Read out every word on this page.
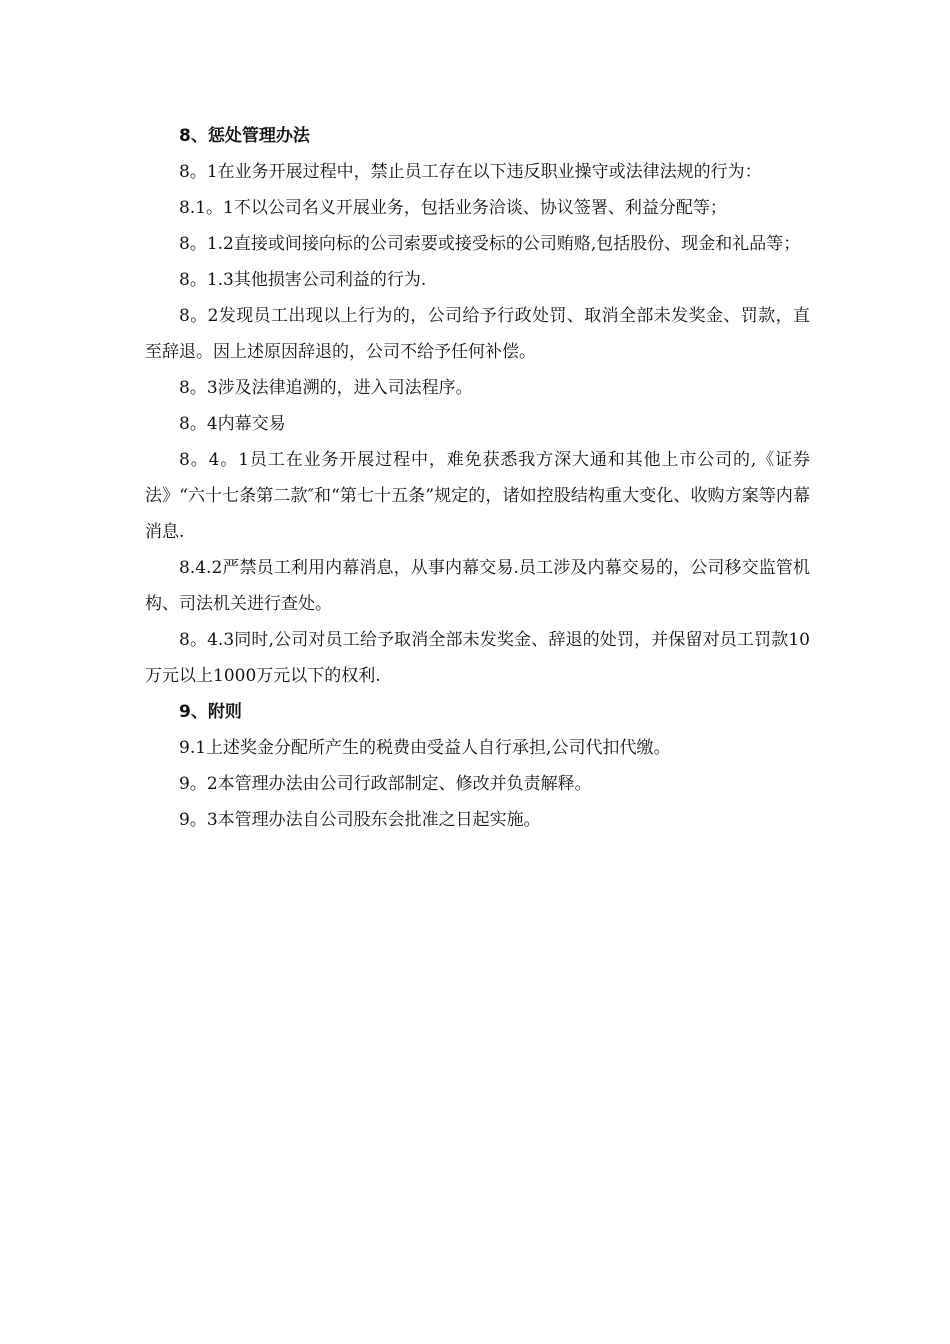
8、惩处管理办法

8。1在业务开展过程中，禁止员工存在以下违反职业操守或法律法规的行为：

8.1。1不以公司名义开展业务，包括业务洽谈、协议签署、利益分配等；

8。1.2直接或间接向标的公司索要或接受标的公司贿赂,包括股份、现金和礼品等；

8。1.3其他损害公司利益的行为.

8。2发现员工出现以上行为的，公司给予行政处罚、取消全部未发奖金、罚款，直至辞退。因上述原因辞退的，公司不给予任何补偿。

8。3涉及法律追溯的，进入司法程序。

8。4内幕交易

8。4。1员工在业务开展过程中，难免获悉我方深大通和其他上市公司的,《证券法》“六十七条第二款″和“第七十五条”规定的，诸如控股结构重大变化、收购方案等内幕消息.

8.4.2严禁员工利用内幕消息，从事内幕交易.员工涉及内幕交易的，公司移交监管机构、司法机关进行查处。

8。4.3同时,公司对员工给予取消全部未发奖金、辞退的处罚，并保留对员工罚款10万元以上1000万元以下的权利.

9、附则

9.1上述奖金分配所产生的税费由受益人自行承担,公司代扣代缴。

9。2本管理办法由公司行政部制定、修改并负责解释。

9。3本管理办法自公司股东会批准之日起实施。
